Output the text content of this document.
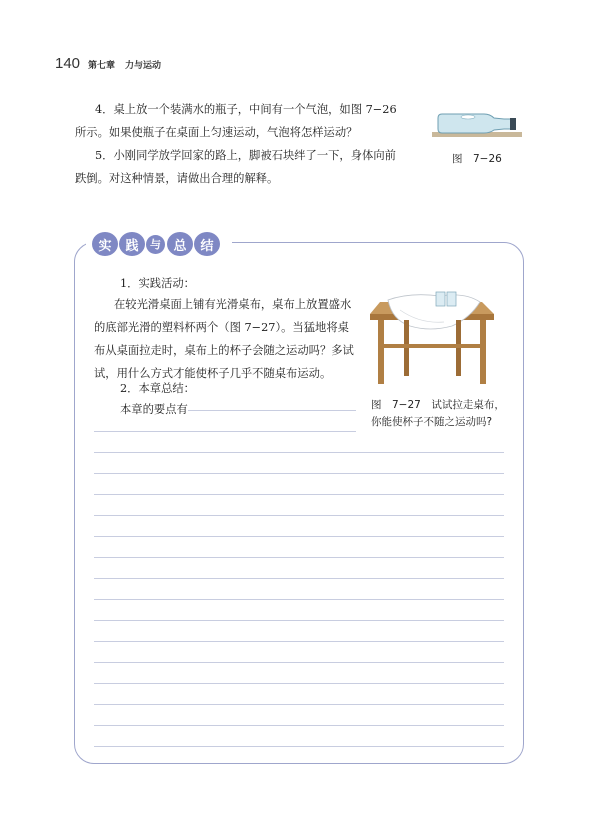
140 第七章 力与运动

4．桌上放一个装满水的瓶子，中间有一个气泡，如图 7−26所示。如果使瓶子在桌面上匀速运动，气泡将怎样运动？

5．小刚同学放学回家的路上，脚被石块绊了一下，身体向前跌倒。对这种情景，请做出合理的解释。

图　7−26
实	践	与 总	结

1．实践活动：

在较光滑桌面上铺有光滑桌布，桌布上放置盛水的底部光滑的塑料杯两个（图 7−27）。当猛地将桌布从桌面拉走时，桌布上的杯子会随之运动吗？多试试，用什么方式才能使杯子几乎不随桌布运动。

2．本章总结：

本章的要点有	图　7−27　试试拉走桌布，
你能使杯子不随之运动吗?
